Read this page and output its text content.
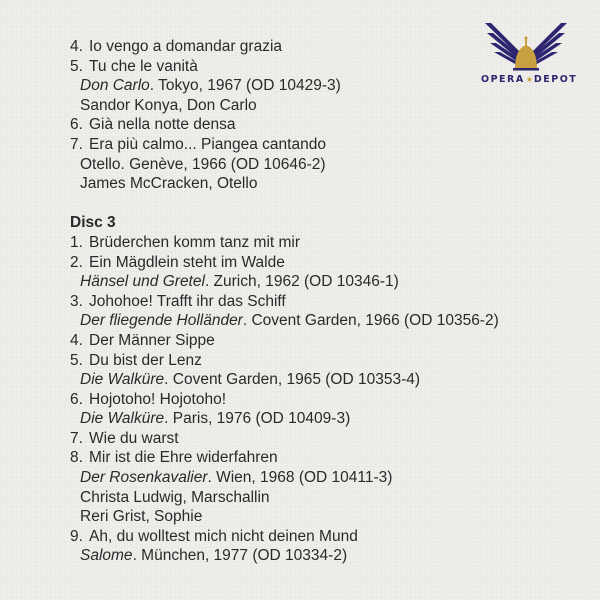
OPERA★DEPOT
4. Io vengo a domandar grazia
5. Tu che le vanità
Don Carlo. Tokyo, 1967 (OD 10429-3)
Sandor Konya, Don Carlo
6. Già nella notte densa
7. Era più calmo... Piangea cantando
Otello. Genève, 1966 (OD 10646-2)
James McCracken, Otello
Disc 3
1. Brüderchen komm tanz mit mir
2. Ein Mägdlein steht im Walde
Hänsel und Gretel. Zurich, 1962 (OD 10346-1)
3. Johohoe! Trafft ihr das Schiff
Der fliegende Holländer. Covent Garden, 1966 (OD 10356-2)
4. Der Männer Sippe
5. Du bist der Lenz
Die Walküre. Covent Garden, 1965 (OD 10353-4)
6. Hojotoho! Hojotoho!
Die Walküre. Paris, 1976 (OD 10409-3)
7. Wie du warst
8. Mir ist die Ehre widerfahren
Der Rosenkavalier. Wien, 1968 (OD 10411-3)
Christa Ludwig, Marschallin
Reri Grist, Sophie
9. Ah, du wolltest mich nicht deinen Mund
Salome. München, 1977 (OD 10334-2)
